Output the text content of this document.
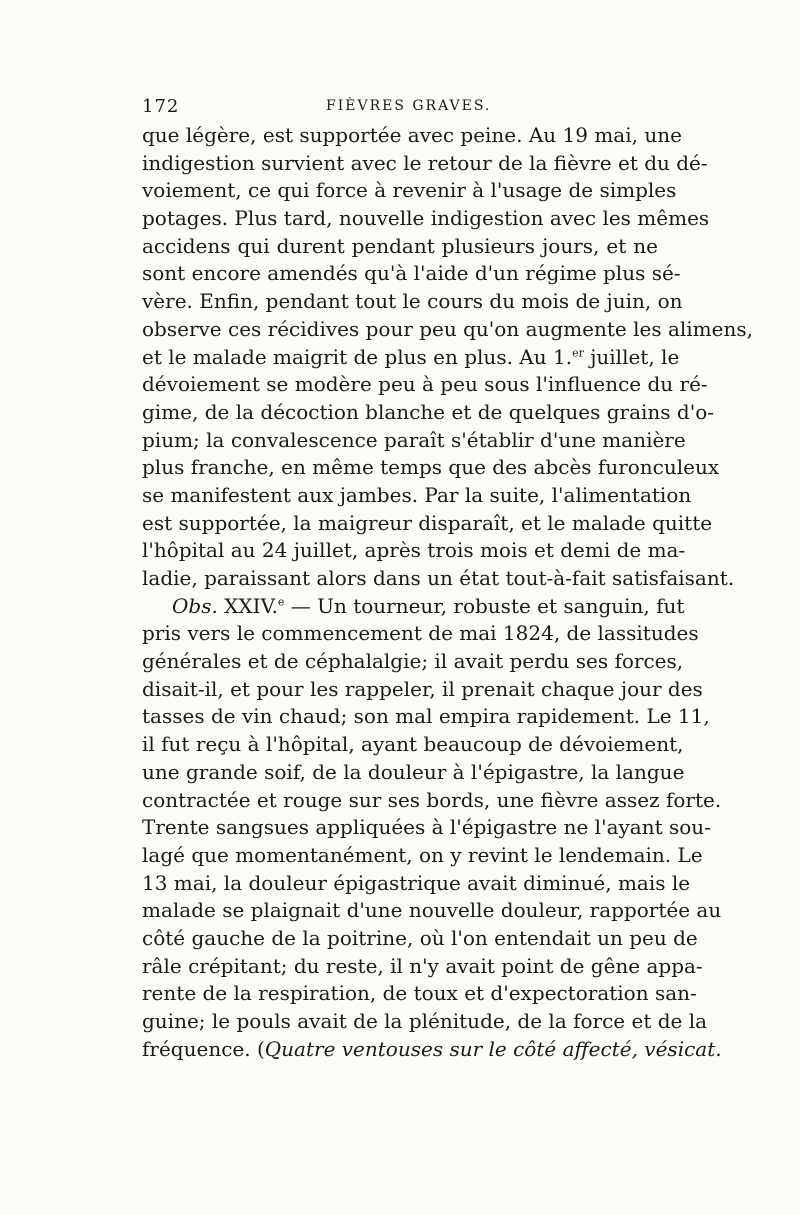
172	FIÈVRES GRAVES.
que légère, est supportée avec peine. Au 19 mai, une
indigestion survient avec le retour de la fièvre et du dé-
voiement, ce qui force à revenir à l'usage de simples
potages. Plus tard, nouvelle indigestion avec les mêmes
accidens qui durent pendant plusieurs jours, et ne
sont encore amendés qu'à l'aide d'un régime plus sé-
vère. Enfin, pendant tout le cours du mois de juin, on
observe ces récidives pour peu qu'on augmente les alimens,
et le malade maigrit de plus en plus. Au 1.$^{er}$ juillet, le
dévoiement se modère peu à peu sous l'influence du ré-
gime, de la décoction blanche et de quelques grains d'o-
pium; la convalescence paraît s'établir d'une manière
plus franche, en même temps que des abcès furonculeux
se manifestent aux jambes. Par la suite, l'alimentation
est supportée, la maigreur disparaît, et le malade quitte
l'hôpital au 24 juillet, après trois mois et demi de ma-
ladie, paraissant alors dans un état tout-à-fait satisfaisant.
Obs. XXIV.$^e$ — Un tourneur, robuste et sanguin, fut
pris vers le commencement de mai 1824, de lassitudes
générales et de céphalalgie; il avait perdu ses forces,
disait-il, et pour les rappeler, il prenait chaque jour des
tasses de vin chaud; son mal empira rapidement. Le 11,
il fut reçu à l'hôpital, ayant beaucoup de dévoiement,
une grande soif, de la douleur à l'épigastre, la langue
contractée et rouge sur ses bords, une fièvre assez forte.
Trente sangsues appliquées à l'épigastre ne l'ayant sou-
lagé que momentanément, on y revint le lendemain. Le
13 mai, la douleur épigastrique avait diminué, mais le
malade se plaignait d'une nouvelle douleur, rapportée au
côté gauche de la poitrine, où l'on entendait un peu de
râle crépitant; du reste, il n'y avait point de gêne appa-
rente de la respiration, de toux et d'expectoration san-
guine; le pouls avait de la plénitude, de la force et de la
fréquence. (Quatre ventouses sur le côté affecté, vésicat.
